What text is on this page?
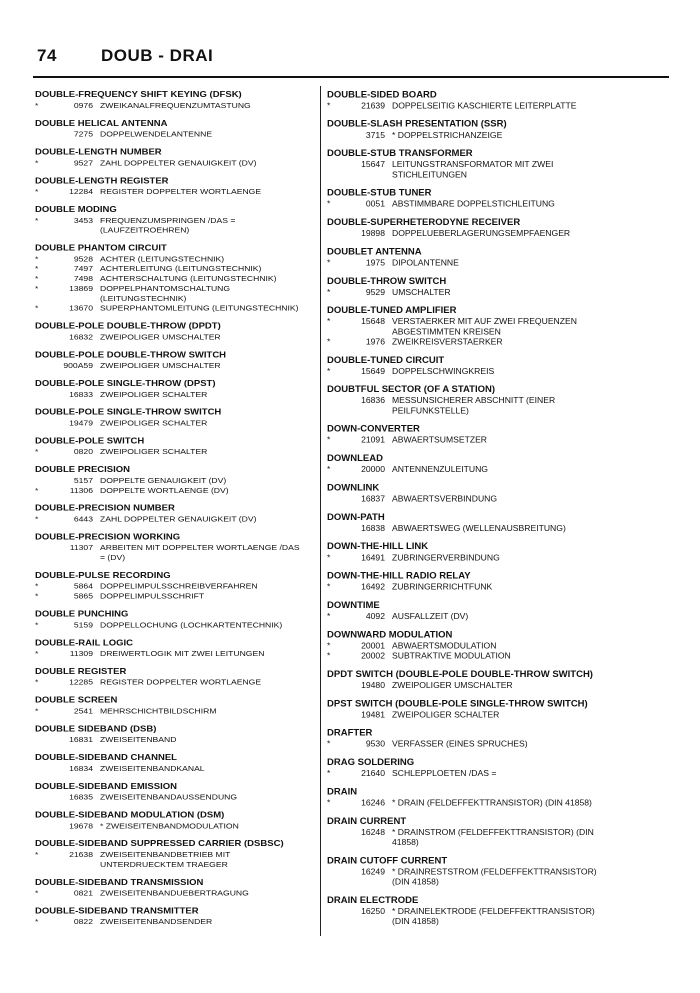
74	DOUB - DRAI
DOUBLE-FREQUENCY SHIFT KEYING (DFSK)
*	0976 ZWEIKANALFREQUENZUMTASTUNG
DOUBLE HELICAL ANTENNA
7275 DOPPELWENDELANTENNE
DOUBLE-LENGTH NUMBER
*	9527 ZAHL DOPPELTER GENAUIGKEIT (DV)
DOUBLE-LENGTH REGISTER
*	12284 REGISTER DOPPELTER WORTLAENGE
DOUBLE MODING
*	3453 FREQUENZUMSPRINGEN /DAS =
(LAUFZEITROEHREN)
DOUBLE PHANTOM CIRCUIT
*	9528 ACHTER (LEITUNGSTECHNIK)
*	7497 ACHTERLEITUNG (LEITUNGSTECHNIK)
*	7498 ACHTERSCHALTUNG (LEITUNGSTECHNIK)
*	13869 DOPPELPHANTOMSCHALTUNG
(LEITUNGSTECHNIK)
*	13670 SUPERPHANTOMLEITUNG (LEITUNGSTECHNIK)
DOUBLE-POLE DOUBLE-THROW (DPDT)
16832 ZWEIPOLIGER UMSCHALTER
DOUBLE-POLE DOUBLE-THROW SWITCH
900A59 ZWEIPOLIGER UMSCHALTER
DOUBLE-POLE SINGLE-THROW (DPST)
16833 ZWEIPOLIGER SCHALTER
DOUBLE-POLE SINGLE-THROW SWITCH
19479 ZWEIPOLIGER SCHALTER
DOUBLE-POLE SWITCH
*	0820 ZWEIPOLIGER SCHALTER
DOUBLE PRECISION
5157 DOPPELTE GENAUIGKEIT (DV)
*	11306 DOPPELTE WORTLAENGE (DV)
DOUBLE-PRECISION NUMBER
*	6443 ZAHL DOPPELTER GENAUIGKEIT (DV)
DOUBLE-PRECISION WORKING
11307 ARBEITEN MIT DOPPELTER WORTLAENGE /DAS
= (DV)
DOUBLE-PULSE RECORDING
*	5864 DOPPELIMPULSSCHREIBVERFAHREN
*	5865 DOPPELIMPULSSCHRIFT
DOUBLE PUNCHING
*	5159 DOPPELLOCHUNG (LOCHKARTENTECHNIK)
DOUBLE-RAIL LOGIC
*	11309 DREIWERTLOGIK MIT ZWEI LEITUNGEN
DOUBLE REGISTER
*	12285 REGISTER DOPPELTER WORTLAENGE
DOUBLE SCREEN
*	2541 MEHRSCHICHTBILDSCHIRM
DOUBLE SIDEBAND (DSB)
16831 ZWEISEITENBAND
DOUBLE-SIDEBAND CHANNEL
16834 ZWEISEITENBANDKANAL
DOUBLE-SIDEBAND EMISSION
16835 ZWEISEITENBANDAUSSENDUNG
DOUBLE-SIDEBAND MODULATION (DSM)
19678 * ZWEISEITENBANDMODULATION
DOUBLE-SIDEBAND SUPPRESSED CARRIER (DSBSC)
*	21638 ZWEISEITENBANDBETRIEB MIT
UNTERDRUECKTEM TRAEGER
DOUBLE-SIDEBAND TRANSMISSION
*	0821 ZWEISEITENBANDUEBERTRAGUNG
DOUBLE-SIDEBAND TRANSMITTER
*	0822 ZWEISEITENBANDSENDER
DOUBLE-SIDED BOARD
*	21639 DOPPELSEITIG KASCHIERTE LEITERPLATTE
DOUBLE-SLASH PRESENTATION (SSR)
3715 * DOPPELSTRICHANZEIGE
DOUBLE-STUB TRANSFORMER
15647 LEITUNGSTRANSFORMATOR MIT ZWEI
STICHLEITUNGEN
DOUBLE-STUB TUNER
*	0051 ABSTIMMBARE DOPPELSTICHLEITUNG
DOUBLE-SUPERHETERODYNE RECEIVER
19898 DOPPELUEBERLAGERUNGSEMPFAENGER
DOUBLET ANTENNA
*	1975 DIPOLANTENNE
DOUBLE-THROW SWITCH
*	9529 UMSCHALTER
DOUBLE-TUNED AMPLIFIER
*	15648 VERSTAERKER MIT AUF ZWEI FREQUENZEN
ABGESTIMMTEN KREISEN
*	1976 ZWEIKREISVERSTAERKER
DOUBLE-TUNED CIRCUIT
*	15649 DOPPELSCHWINGKREIS
DOUBTFUL SECTOR (OF A STATION)
16836 MESSUNSICHERER ABSCHNITT (EINER
PEILFUNKSTELLE)
DOWN-CONVERTER
*	21091 ABWAERTSUMSETZER
DOWNLEAD
*	20000 ANTENNENZULEITUNG
DOWNLINK
16837 ABWAERTSVERBINDUNG
DOWN-PATH
16838 ABWAERTSWEG (WELLENAUSBREITUNG)
DOWN-THE-HILL LINK
*	16491 ZUBRINGERVERBINDUNG
DOWN-THE-HILL RADIO RELAY
*	16492 ZUBRINGERRICHTFUNK
DOWNTIME
*	4092 AUSFALLZEIT (DV)
DOWNWARD MODULATION
*	20001 ABWAERTSMODULATION
*	20002 SUBTRAKTIVE MODULATION
DPDT SWITCH (DOUBLE-POLE DOUBLE-THROW SWITCH)
19480 ZWEIPOLIGER UMSCHALTER
DPST SWITCH (DOUBLE-POLE SINGLE-THROW SWITCH)
19481 ZWEIPOLIGER SCHALTER
DRAFTER
*	9530 VERFASSER (EINES SPRUCHES)
DRAG SOLDERING
*	21640 SCHLEPPLOETEN /DAS =
DRAIN
*	16246 * DRAIN (FELDEFFEKTTRANSISTOR) (DIN 41858)
DRAIN CURRENT
16248 * DRAINSTROM (FELDEFFEKTTRANSISTOR) (DIN
41858)
DRAIN CUTOFF CURRENT
16249 * DRAINRESTSTROM (FELDEFFEKTTRANSISTOR)
(DIN 41858)
DRAIN ELECTRODE
16250 * DRAINELEKTRODE (FELDEFFEKTTRANSISTOR)
(DIN 41858)
